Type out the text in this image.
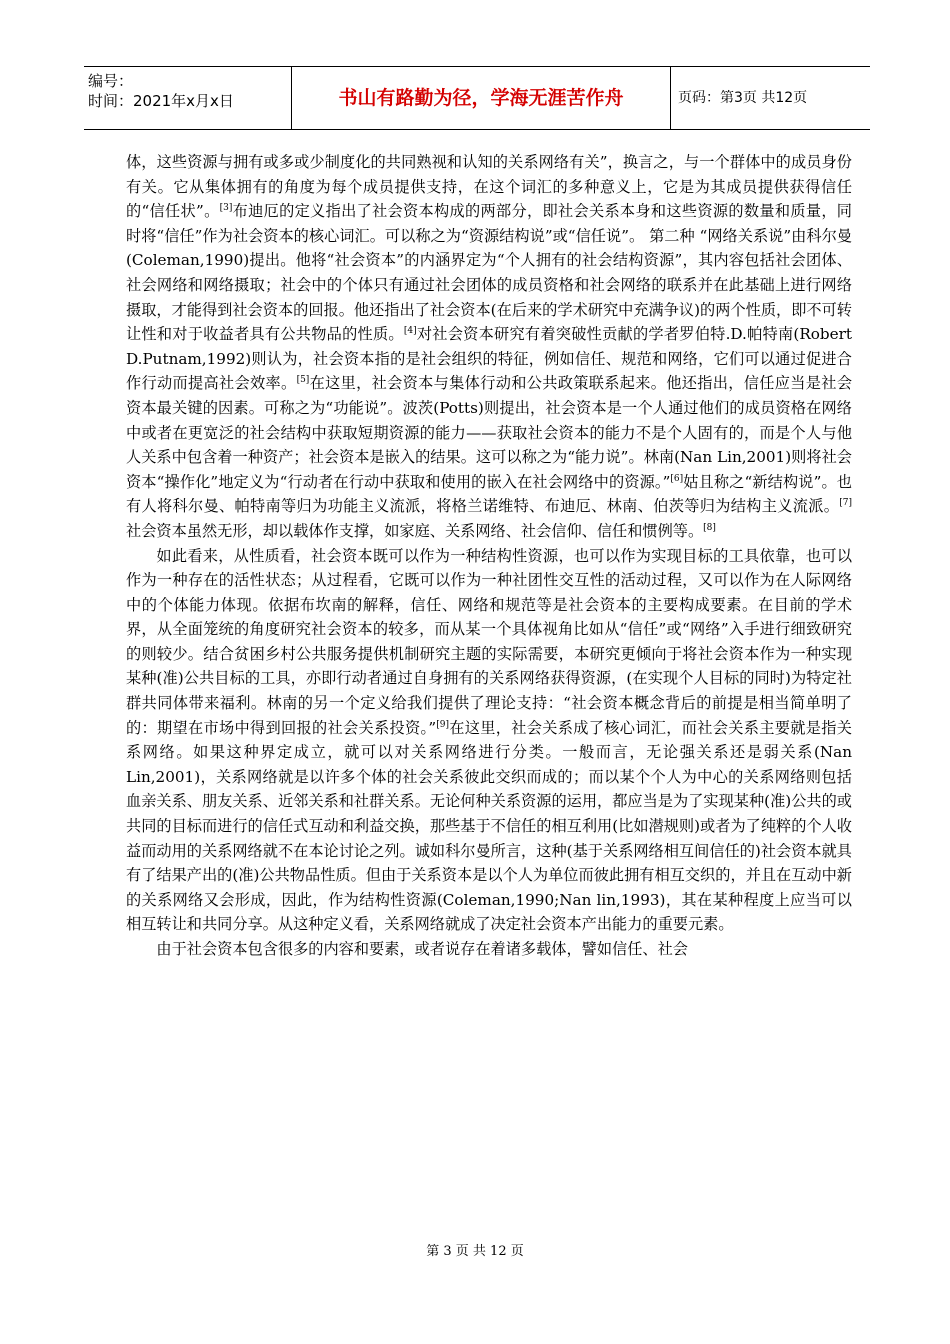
编号：
时间：2021年x月x日	书山有路勤为径，学海无涯苦作舟	页码：第3页 共12页

体，这些资源与拥有或多或少制度化的共同熟视和认知的关系网络有关”，换言之，与一个群体中的成员身份有关。它从集体拥有的角度为每个成员提供支持，在这个词汇的多种意义上，它是为其成员提供获得信任的“信任状”。[3]布迪厄的定义指出了社会资本构成的两部分，即社会关系本身和这些资源的数量和质量，同时将“信任”作为社会资本的核心词汇。可以称之为“资源结构说”或“信任说”。 第二种 “网络关系说”由科尔曼(Coleman,1990)提出。他将“社会资本”的内涵界定为“个人拥有的社会结构资源”，其内容包括社会团体、社会网络和网络摄取；社会中的个体只有通过社会团体的成员资格和社会网络的联系并在此基础上进行网络摄取，才能得到社会资本的回报。他还指出了社会资本(在后来的学术研究中充满争议)的两个性质，即不可转让性和对于收益者具有公共物品的性质。[4]对社会资本研究有着突破性贡献的学者罗伯特.D.帕特南(Robert D.Putnam,1992)则认为，社会资本指的是社会组织的特征，例如信任、规范和网络，它们可以通过促进合作行动而提高社会效率。[5]在这里，社会资本与集体行动和公共政策联系起来。他还指出，信任应当是社会资本最关键的因素。可称之为“功能说”。波茨(Potts)则提出，社会资本是一个人通过他们的成员资格在网络中或者在更宽泛的社会结构中获取短期资源的能力——获取社会资本的能力不是个人固有的，而是个人与他人关系中包含着一种资产；社会资本是嵌入的结果。这可以称之为“能力说”。林南(Nan Lin,2001)则将社会资本“操作化”地定义为“行动者在行动中获取和使用的嵌入在社会网络中的资源。”[6]姑且称之“新结构说”。也有人将科尔曼、帕特南等归为功能主义流派，将格兰诺维特、布迪厄、林南、伯茨等归为结构主义流派。[7]社会资本虽然无形，却以载体作支撑，如家庭、关系网络、社会信仰、信任和惯例等。[8]

如此看来，从性质看，社会资本既可以作为一种结构性资源，也可以作为实现目标的工具依靠，也可以作为一种存在的活性状态；从过程看，它既可以作为一种社团性交互性的活动过程，又可以作为在人际网络中的个体能力体现。依据布坎南的解释，信任、网络和规范等是社会资本的主要构成要素。在目前的学术界，从全面笼统的角度研究社会资本的较多，而从某一个具体视角比如从“信任”或“网络”入手进行细致研究的则较少。结合贫困乡村公共服务提供机制研究主题的实际需要，本研究更倾向于将社会资本作为一种实现某种(准)公共目标的工具，亦即行动者通过自身拥有的关系网络获得资源，(在实现个人目标的同时)为特定社群共同体带来福利。林南的另一个定义给我们提供了理论支持：“社会资本概念背后的前提是相当简单明了的：期望在市场中得到回报的社会关系投资。”[9]在这里，社会关系成了核心词汇，而社会关系主要就是指关系网络。如果这种界定成立，就可以对关系网络进行分类。一般而言，无论强关系还是弱关系(Nan Lin,2001)，关系网络就是以许多个体的社会关系彼此交织而成的；而以某个个人为中心的关系网络则包括血亲关系、朋友关系、近邻关系和社群关系。无论何种关系资源的运用，都应当是为了实现某种(准)公共的或共同的目标而进行的信任式互动和利益交换，那些基于不信任的相互利用(比如潜规则)或者为了纯粹的个人收益而动用的关系网络就不在本论讨论之列。诚如科尔曼所言，这种(基于关系网络相互间信任的)社会资本就具有了结果产出的(准)公共物品性质。但由于关系资本是以个人为单位而彼此拥有相互交织的，并且在互动中新的关系网络又会形成，因此，作为结构性资源(Coleman,1990;Nan lin,1993)，其在某种程度上应当可以相互转让和共同分享。从这种定义看，关系网络就成了决定社会资本产出能力的重要元素。

由于社会资本包含很多的内容和要素，或者说存在着诸多载体，譬如信任、社会

第 3 页 共 12 页
